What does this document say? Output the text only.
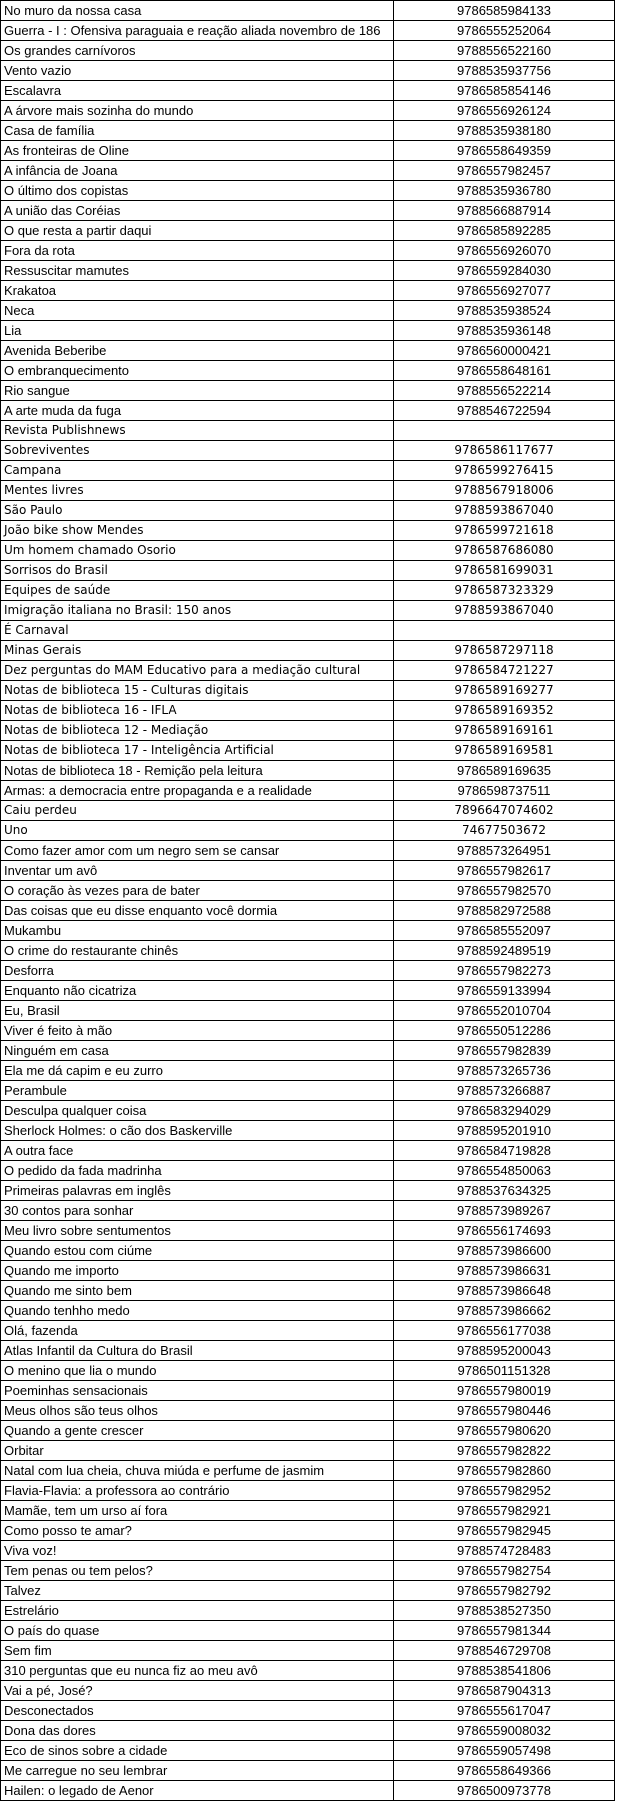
No muro da nossa casa	9786585984133
Guerra - I : Ofensiva paraguaia e reação aliada novembro de 186	9786555252064
Os grandes carnívoros	9788556522160
Vento vazio	9788535937756
Escalavra	9786585854146
A árvore mais sozinha do mundo	9786556926124
Casa de família	9788535938180
As fronteiras de Oline	9786558649359
A infância de Joana	9786557982457
O último dos copistas	9788535936780
A união das Coréias	9788566887914
O que resta a partir daqui	9786585892285
Fora da rota	9786556926070
Ressuscitar mamutes	9786559284030
Krakatoa	9786556927077
Neca	9788535938524
Lia	9788535936148
Avenida Beberibe	9786560000421
O embranquecimento	9786558648161
Rio sangue	9788556522214
A arte muda da fuga	9788546722594
Revista Publishnews	
Sobreviventes	9786586117677
Campana	9786599276415
Mentes livres	9788567918006
São Paulo	9788593867040
João bike show Mendes	9786599721618
Um homem chamado Osorio	9786587686080
Sorrisos do Brasil	9786581699031
Equipes de saúde	9786587323329
Imigração italiana no Brasil: 150 anos	9788593867040
É Carnaval	
Minas Gerais	9786587297118
Dez perguntas do MAM Educativo para a mediação cultural	9786584721227
Notas de biblioteca 15 - Culturas digitais	9786589169277
Notas de biblioteca 16 - IFLA	9786589169352
Notas de biblioteca 12 - Mediação	9786589169161
Notas de biblioteca 17 - Inteligência Artificial	9786589169581
Notas de biblioteca 18 - Remição pela leitura	9786589169635
Armas: a democracia entre propaganda e a realidade	9786598737511
Caiu perdeu	7896647074602
Uno	74677503672
Como fazer amor com um negro sem se cansar	9788573264951
Inventar um avô	9786557982617
O coração às vezes para de bater	9786557982570
Das coisas que eu disse enquanto você dormia	9788582972588
Mukambu	9786585552097
O crime do restaurante chinês	9788592489519
Desforra	9786557982273
Enquanto não cicatriza	9786559133994
Eu, Brasil	9786552010704
Viver é feito à mão	9786550512286
Ninguém em casa	9786557982839
Ela me dá capim e eu zurro	9788573265736
Perambule	9788573266887
Desculpa qualquer coisa	9786583294029
Sherlock Holmes: o cão dos Baskerville	9788595201910
A outra face	9786584719828
O pedido da fada madrinha	9786554850063
Primeiras palavras em inglês	9788537634325
30 contos para sonhar	9788573989267
Meu livro sobre sentumentos	9786556174693
Quando estou com ciúme	9788573986600
Quando me importo	9788573986631
Quando me sinto bem	9788573986648
Quando tenhho medo	9788573986662
Olá, fazenda	9786556177038
Atlas Infantil da Cultura do Brasil	9788595200043
O menino que lia o mundo	9786501151328
Poeminhas sensacionais	9786557980019
Meus olhos são teus olhos	9786557980446
Quando a gente crescer	9786557980620
Orbitar	9786557982822
Natal com lua cheia, chuva miúda e perfume de jasmim	9786557982860
Flavia-Flavia: a professora ao contrário	9786557982952
Mamãe, tem um urso aí fora	9786557982921
Como posso te amar?	9786557982945
Viva voz!	9788574728483
Tem penas ou tem pelos?	9786557982754
Talvez	9786557982792
Estrelário	9788538527350
O país do quase	9786557981344
Sem fim	9788546729708
310 perguntas que eu nunca fiz ao meu avô	9788538541806
Vai a pé, José?	9786587904313
Desconectados	9786555617047
Dona das dores	9786559008032
Eco de sinos sobre a cidade	9786559057498
Me carregue no seu lembrar	9786558649366
Hailen: o legado de Aenor	9786500973778
